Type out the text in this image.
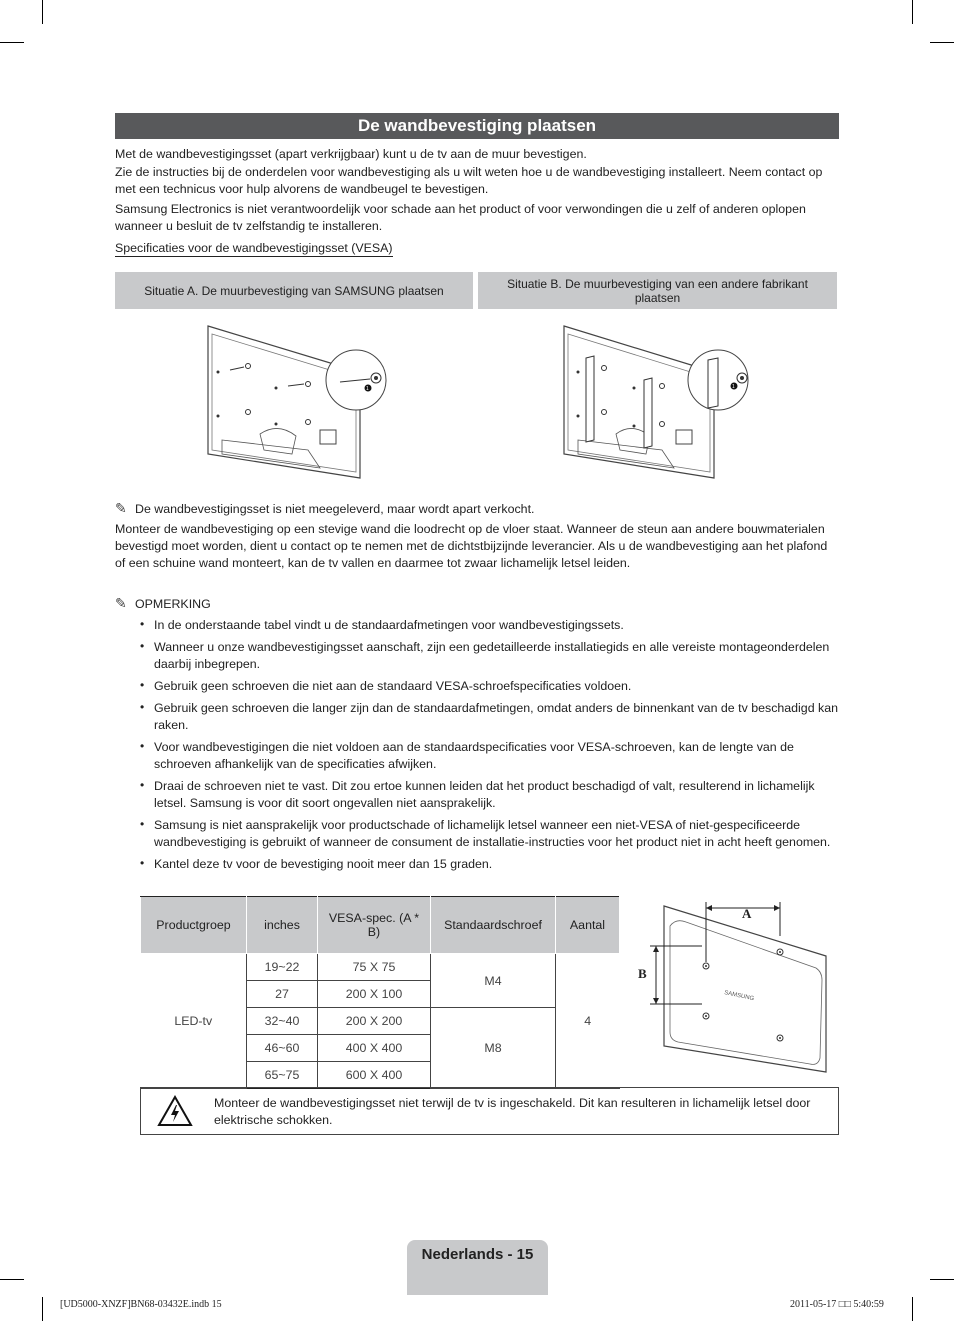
De wandbevestiging plaatsen

Met de wandbevestigingsset (apart verkrijgbaar) kunt u de tv aan de muur bevestigen.

Zie de instructies bij de onderdelen voor wandbevestiging als u wilt weten hoe u de wandbevestiging installeert. Neem contact op met een technicus voor hulp alvorens de wandbeugel te bevestigen.

Samsung Electronics is niet verantwoordelijk voor schade aan het product of voor verwondingen die u zelf of anderen oplopen wanneer u besluit de tv zelfstandig te installeren.

Specificaties voor de wandbevestigingsset (VESA)
Situatie A. De muurbevestiging van SAMSUNG plaatsen	Situatie B. De muurbevestiging van een andere fabrikant plaatsen
1	1
✎ De wandbevestigingsset is niet meegeleverd, maar wordt apart verkocht.

Monteer de wandbevestiging op een stevige wand die loodrecht op de vloer staat. Wanneer de steun aan andere bouwmaterialen bevestigd moet worden, dient u contact op te nemen met de dichtstbijzijnde leverancier. Als u de wandbevestiging aan het plafond of een schuine wand monteert, kan de tv vallen en daarmee tot zwaar lichamelijk letsel leiden.

✎ OPMERKING
• In de onderstaande tabel vindt u de standaardafmetingen voor wandbevestigingssets.
• Wanneer u onze wandbevestigingsset aanschaft, zijn een gedetailleerde installatiegids en alle vereiste montageonderdelen daarbij inbegrepen.
• Gebruik geen schroeven die niet aan de standaard VESA-schroefspecificaties voldoen.
• Gebruik geen schroeven die langer zijn dan de standaardafmetingen, omdat anders de binnenkant van de tv beschadigd kan raken.
• Voor wandbevestigingen die niet voldoen aan de standaardspecificaties voor VESA-schroeven, kan de lengte van de schroeven afhankelijk van de specificaties afwijken.
• Draai de schroeven niet te vast. Dit zou ertoe kunnen leiden dat het product beschadigd of valt, resulterend in lichamelijk letsel. Samsung is voor dit soort ongevallen niet aansprakelijk.
• Samsung is niet aansprakelijk voor productschade of lichamelijk letsel wanneer een niet-VESA of niet-gespecificeerde wandbevestiging is gebruikt of wanneer de consument de installatie-instructies voor het product niet in acht heeft genomen.
• Kantel deze tv voor de bevestiging nooit meer dan 15 graden.
Productgroep	inches	VESA-spec. (A * B)	Standaardschroef	Aantal
LED-tv	19~22	75 X 75	M4	4
	27	200 X 100		
	32~40	200 X 200	M8	
	46~60	400 X 400		
	65~75	600 X 400		
A
B
SAMSUNG
Monteer de wandbevestigingsset niet terwijl de tv is ingeschakeld. Dit kan resulteren in lichamelijk letsel door elektrische schokken.
Nederlands - 15
[UD5000-XNZF]BN68-03432E.indb 15	2011-05-17 □□ 5:40:59
